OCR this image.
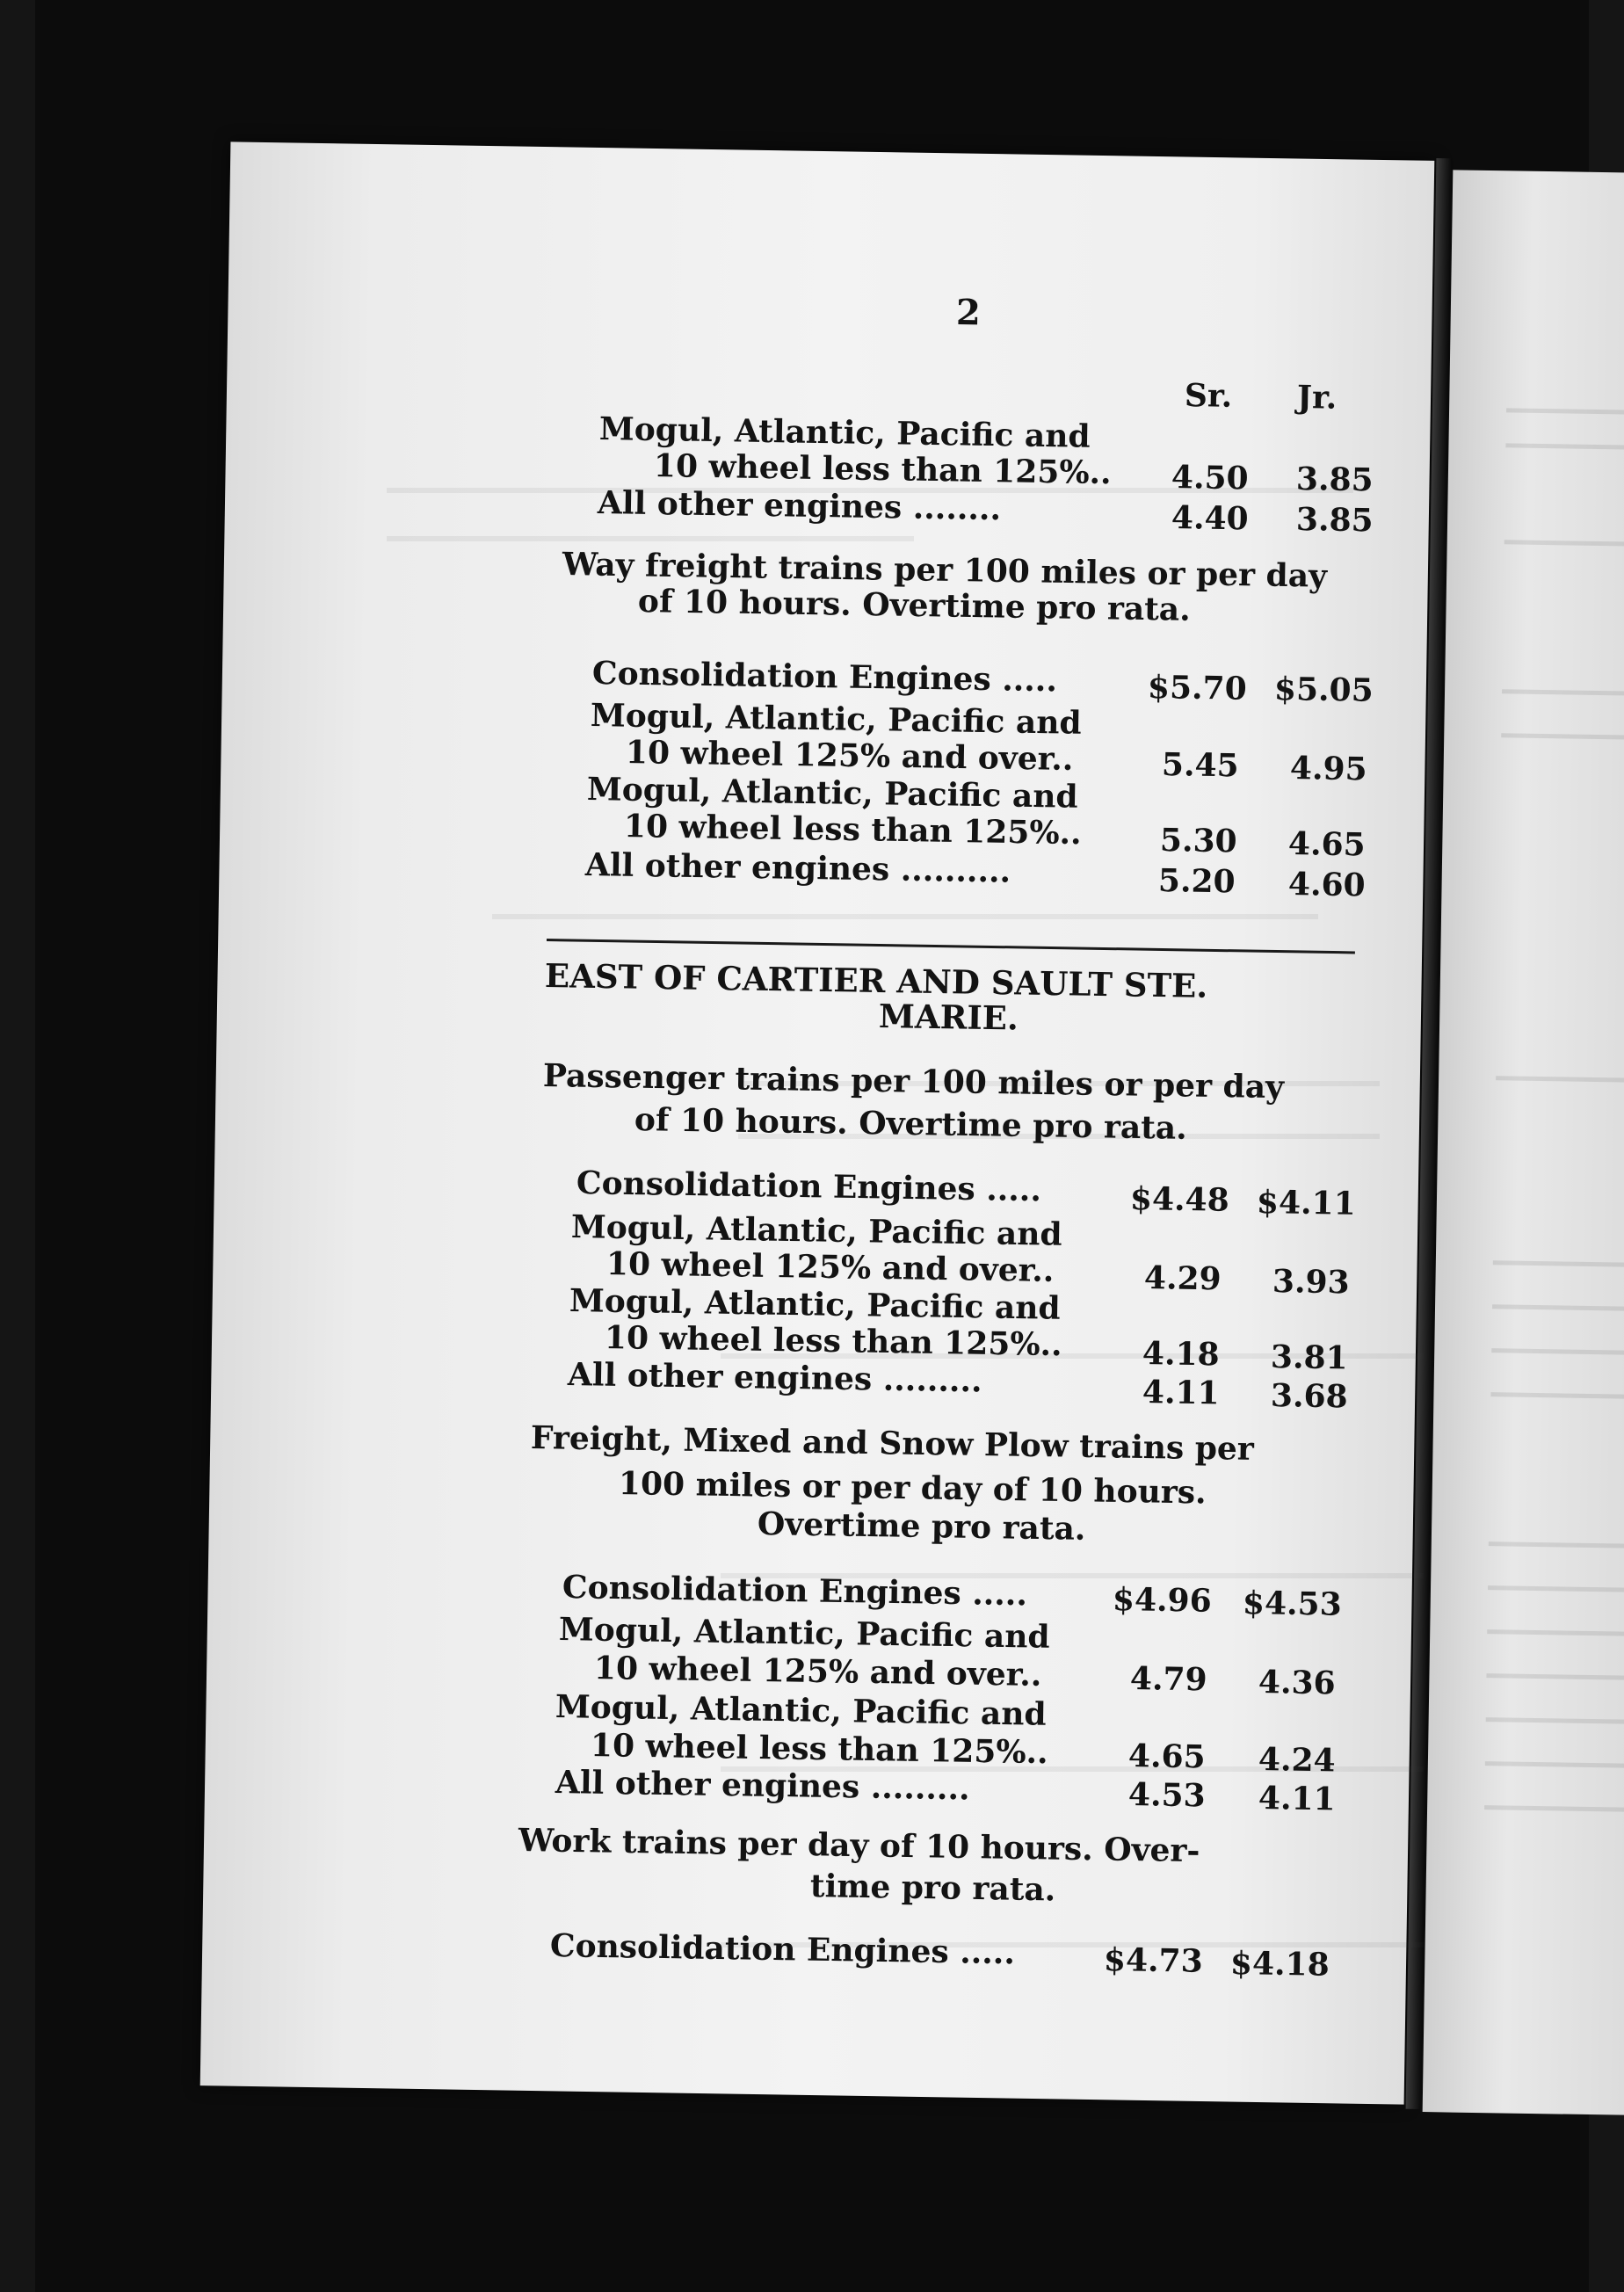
2
Sr. Jr.
Mogul, Atlantic, Pacific and
10 wheel less than 125%.. 4.50 3.85
All other engines ........	4.40 3.85
Way freight trains per 100 miles or per day
of 10 hours. Overtime pro rata.
Consolidation Engines .....	$5.70 $5.05
Mogul, Atlantic, Pacific and
10 wheel 125% and over..	5.45 4.95
Mogul, Atlantic, Pacific and
10 wheel less than 125%.. 5.30 4.65
All other engines ..........	5.20 4.60
EAST OF CARTIER AND SAULT STE.
MARIE.
Passenger trains per 100 miles or per day
of 10 hours. Overtime pro rata.
Consolidation Engines .....	$4.48 $4.11
Mogul, Atlantic, Pacific and
10 wheel 125% and over..	4.29 3.93
Mogul, Atlantic, Pacific and
10 wheel less than 125%..	4.18 3.81
All other engines .........	4.11 3.68
Freight, Mixed and Snow Plow trains per
100 miles or per day of 10 hours.
Overtime pro rata.
Consolidation Engines .....	$4.96 $4.53
Mogul, Atlantic, Pacific and
10 wheel 125% and over..	4.79 4.36
Mogul, Atlantic, Pacific and
10 wheel less than 125%..	4.65 4.24
All other engines .........	4.53 4.11
Work trains per day of 10 hours. Over-
time pro rata.
Consolidation Engines .....	$4.73 $4.18
